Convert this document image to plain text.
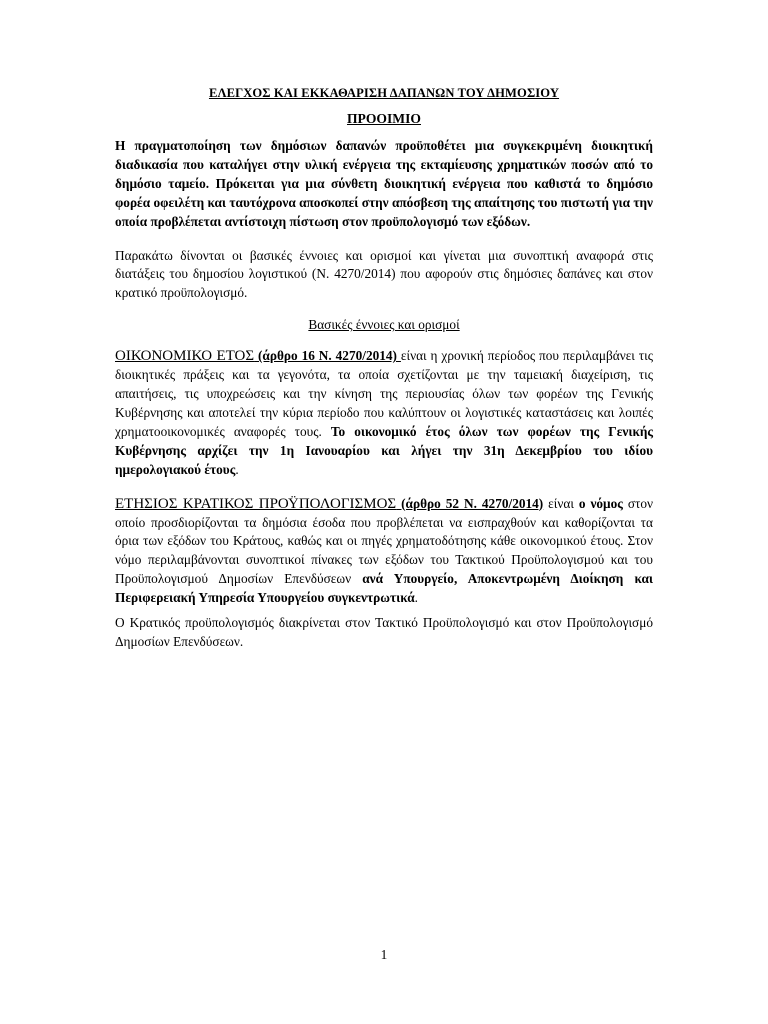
ΕΛΕΓΧΟΣ ΚΑΙ ΕΚΚΑΘΑΡΙΣΗ ΔΑΠΑΝΩΝ ΤΟΥ ΔΗΜΟΣΙΟΥ
ΠΡΟΟΙΜΙΟ

Η πραγματοποίηση των δημόσιων δαπανών προϋποθέτει μια συγκεκριμένη διοικητική διαδικασία που καταλήγει στην υλική ενέργεια της εκταμίευσης χρηματικών ποσών από το δημόσιο ταμείο. Πρόκειται για μια σύνθετη διοικητική ενέργεια που καθιστά το δημόσιο φορέα οφειλέτη και ταυτόχρονα αποσκοπεί στην απόσβεση της απαίτησης του πιστωτή για την οποία προβλέπεται αντίστοιχη πίστωση στον προϋπολογισμό των εξόδων.

Παρακάτω δίνονται οι βασικές έννοιες και ορισμοί και γίνεται μια συνοπτική αναφορά στις διατάξεις του δημοσίου λογιστικού (Ν. 4270/2014) που αφορούν στις δημόσιες δαπάνες και στον κρατικό προϋπολογισμό.

Βασικές έννοιες και ορισμοί

ΟΙΚΟΝΟΜΙΚΟ ΕΤΟΣ (άρθρο 16 Ν. 4270/2014) είναι η χρονική περίοδος που περιλαμβάνει τις διοικητικές πράξεις και τα γεγονότα, τα οποία σχετίζονται με την ταμειακή διαχείριση, τις απαιτήσεις, τις υποχρεώσεις και την κίνηση της περιουσίας όλων των φορέων της Γενικής Κυβέρνησης και αποτελεί την κύρια περίοδο που καλύπτουν οι λογιστικές καταστάσεις και λοιπές χρηματοοικονομικές αναφορές τους. Το οικονομικό έτος όλων των φορέων της Γενικής Κυβέρνησης αρχίζει την 1η Ιανουαρίου και λήγει την 31η Δεκεμβρίου του ιδίου ημερολογιακού έτους.

ΕΤΗΣΙΟΣ ΚΡΑΤΙΚΟΣ ΠΡΟΫΠΟΛΟΓΙΣΜΟΣ (άρθρο 52 Ν. 4270/2014) είναι ο νόμος στον οποίο προσδιορίζονται τα δημόσια έσοδα που προβλέπεται να εισπραχθούν και καθορίζονται τα όρια των εξόδων του Κράτους, καθώς και οι πηγές χρηματοδότησης κάθε οικονομικού έτους. Στον νόμο περιλαμβάνονται συνοπτικοί πίνακες των εξόδων του Τακτικού Προϋπολογισμού και του Προϋπολογισμού Δημοσίων Επενδύσεων ανά Υπουργείο, Αποκεντρωμένη Διοίκηση και Περιφερειακή Υπηρεσία Υπουργείου συγκεντρωτικά.

Ο Κρατικός προϋπολογισμός διακρίνεται στον Τακτικό Προϋπολογισμό και στον Προϋπολογισμό Δημοσίων Επενδύσεων.

1
